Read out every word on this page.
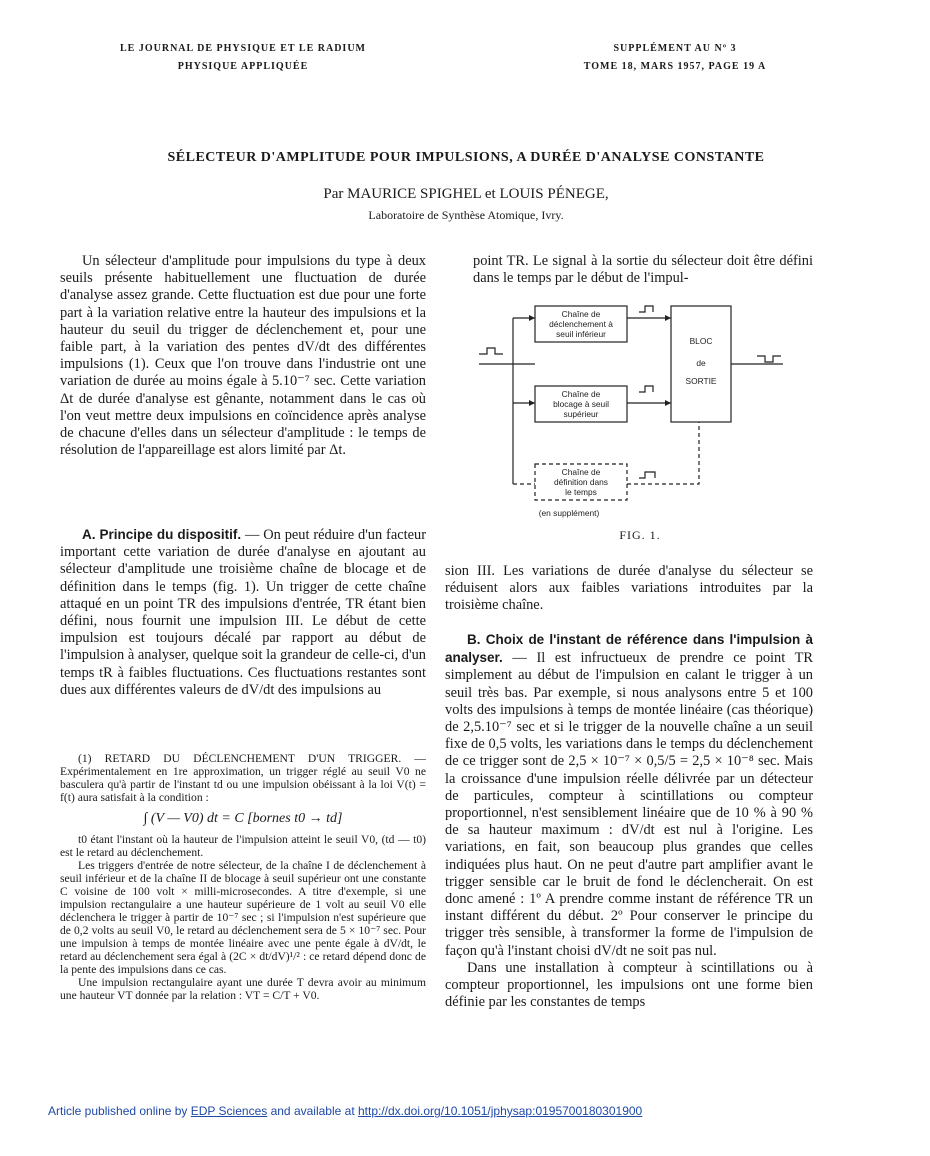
LE JOURNAL DE PHYSIQUE ET LE RADIUM
PHYSIQUE APPLIQUÉE
SUPPLÉMENT AU Nº 3
TOME 18, MARS 1957, PAGE 19 A
SÉLECTEUR D'AMPLITUDE POUR IMPULSIONS, A DURÉE D'ANALYSE CONSTANTE
Par MAURICE SPIGHEL et LOUIS PÉNEGE,
Laboratoire de Synthèse Atomique, Ivry.

Un sélecteur d'amplitude pour impulsions du type à deux seuils présente habituellement une fluctuation de durée d'analyse assez grande. Cette fluctuation est due pour une forte part à la variation relative entre la hauteur des impulsions et la hauteur du seuil du trigger de déclenchement et, pour une faible part, à la variation des pentes dV/dt des différentes impulsions (1). Ceux que l'on trouve dans l'industrie ont une variation de durée au moins égale à 5.10⁻⁷ sec. Cette variation Δt de durée d'analyse est gênante, notamment dans le cas où l'on veut mettre deux impulsions en coïncidence après analyse de chacune d'elles dans un sélecteur d'amplitude : le temps de résolution de l'appareillage est alors limité par Δt.

A. Principe du dispositif. — On peut réduire d'un facteur important cette variation de durée d'analyse en ajoutant au sélecteur d'amplitude une troisième chaîne de blocage et de définition dans le temps (fig. 1). Un trigger de cette chaîne attaqué en un point TR des impulsions d'entrée, TR étant bien défini, nous fournit une impulsion III. Le début de cette impulsion est toujours décalé par rapport au début de l'impulsion à analyser, quelque soit la grandeur de celle-ci, d'un temps tR à faibles fluctuations. Ces fluctuations restantes sont dues aux différentes valeurs de dV/dt des impulsions au

(1) RETARD DU DÉCLENCHEMENT D'UN TRIGGER. — Expérimentalement en 1re approximation, un trigger réglé au seuil V0 ne basculera qu'à partir de l'instant td ou une impulsion obéissant à la loi V(t) = f(t) aura satisfait à la condition :

∫ (V — V0) dt = C [bornes t0 → td]

t0 étant l'instant où la hauteur de l'impulsion atteint le seuil V0, (td — t0) est le retard au déclenchement.

Les triggers d'entrée de notre sélecteur, de la chaîne I de déclenchement à seuil inférieur et de la chaîne II de blocage à seuil supérieur ont une constante C voisine de 100 volt × milli-microsecondes. A titre d'exemple, si une impulsion rectangulaire a une hauteur supérieure de 1 volt au seuil V0 elle déclenchera le trigger à partir de 10⁻⁷ sec ; si l'impulsion n'est supérieure que de 0,2 volts au seuil V0, le retard au déclenchement sera de 5 × 10⁻⁷ sec. Pour une impulsion à temps de montée linéaire avec une pente égale à dV/dt, le retard au déclenchement sera égal à (2C × dt/dV)¹/² : ce retard dépend donc de la pente des impulsions dans ce cas.

Une impulsion rectangulaire ayant une durée T devra avoir au minimum une hauteur VT donnée par la relation : VT = C/T + V0.

point TR. Le signal à la sortie du sélecteur doit être défini dans le temps par le début de l'impul-

Chaîne de
déclenchement à
seuil inférieur
Chaîne de
blocage à seuil
supérieur
Chaîne de
définition dans
le temps
BLOC
de
SORTIE
(en supplément)
FIG. 1.

sion III. Les variations de durée d'analyse du sélecteur se réduisent alors aux faibles variations introduites par la troisième chaîne.

B. Choix de l'instant de référence dans l'impulsion à analyser. — Il est infructueux de prendre ce point TR simplement au début de l'impulsion en calant le trigger à un seuil très bas. Par exemple, si nous analysons entre 5 et 100 volts des impulsions à temps de montée linéaire (cas théorique) de 2,5.10⁻⁷ sec et si le trigger de la nouvelle chaîne a un seuil fixe de 0,5 volts, les variations dans le temps du déclenchement de ce trigger sont de 2,5 × 10⁻⁷ × 0,5/5 = 2,5 × 10⁻⁸ sec. Mais la croissance d'une impulsion réelle délivrée par un détecteur de particules, compteur à scintillations ou compteur proportionnel, n'est sensiblement linéaire que de 10 % à 90 % de sa hauteur maximum : dV/dt est nul à l'origine. Les variations, en fait, son beaucoup plus grandes que celles indiquées plus haut. On ne peut d'autre part amplifier avant le trigger sensible car le bruit de fond le déclencherait. On est donc amené : 1º A prendre comme instant de référence TR un instant différent du début. 2º Pour conserver le principe du trigger très sensible, à transformer la forme de l'impulsion de façon qu'à l'instant choisi dV/dt ne soit pas nul.

Dans une installation à compteur à scintillations ou à compteur proportionnel, les impulsions ont une forme bien définie par les constantes de temps

Article published online by EDP Sciences and available at http://dx.doi.org/10.1051/jphysap:0195700180301900
